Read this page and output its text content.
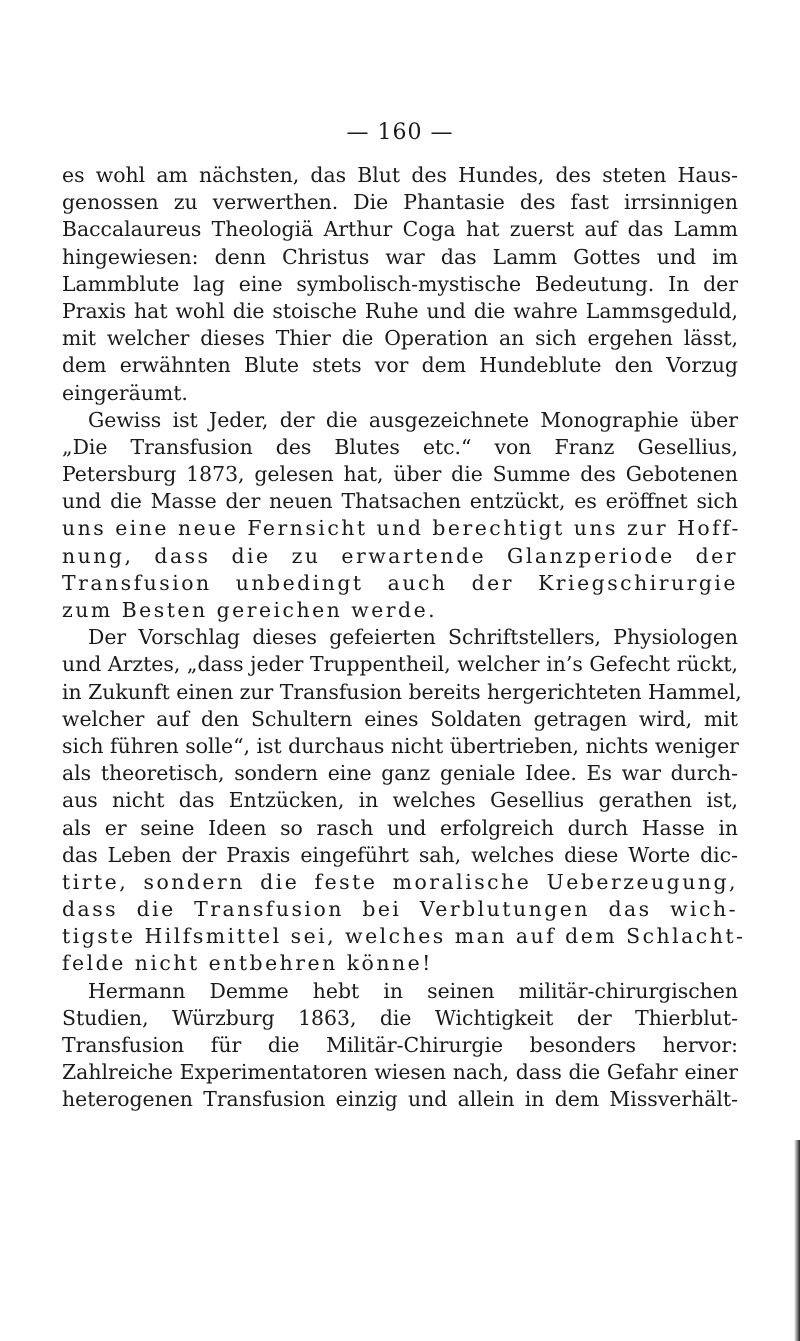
— 160 —
es wohl am nächsten, das Blut des Hundes, des steten Haus-
genossen zu verwerthen. Die Phantasie des fast irrsinnigen
Baccalaureus Theologiä Arthur Coga hat zuerst auf das Lamm
hingewiesen: denn Christus war das Lamm Gottes und im
Lammblute lag eine symbolisch-mystische Bedeutung. In der
Praxis hat wohl die stoische Ruhe und die wahre Lammsgeduld,
mit welcher dieses Thier die Operation an sich ergehen lässt,
dem erwähnten Blute stets vor dem Hundeblute den Vorzug
eingeräumt.
Gewiss ist Jeder, der die ausgezeichnete Monographie über
„Die Transfusion des Blutes etc.“ von Franz Gesellius,
Petersburg 1873, gelesen hat, über die Summe des Gebotenen
und die Masse der neuen Thatsachen entzückt, es eröffnet sich
uns eine neue Fernsicht und berechtigt uns zur Hoff-
nung, dass die zu erwartende Glanzperiode der
Transfusion unbedingt auch der Kriegschirurgie
zum Besten gereichen werde.
Der Vorschlag dieses gefeierten Schriftstellers, Physiologen
und Arztes, „dass jeder Truppentheil, welcher in’s Gefecht rückt,
in Zukunft einen zur Transfusion bereits hergerichteten Hammel,
welcher auf den Schultern eines Soldaten getragen wird, mit
sich führen solle“, ist durchaus nicht übertrieben, nichts weniger
als theoretisch, sondern eine ganz geniale Idee. Es war durch-
aus nicht das Entzücken, in welches Gesellius gerathen ist,
als er seine Ideen so rasch und erfolgreich durch Hasse in
das Leben der Praxis eingeführt sah, welches diese Worte dic-
tirte, sondern die feste moralische Ueberzeugung,
dass die Transfusion bei Verblutungen das wich-
tigste Hilfsmittel sei, welches man auf dem Schlacht-
felde nicht entbehren könne!
Hermann Demme hebt in seinen militär-chirurgischen
Studien, Würzburg 1863, die Wichtigkeit der Thierblut-
Transfusion für die Militär-Chirurgie besonders hervor:
Zahlreiche Experimentatoren wiesen nach, dass die Gefahr einer
heterogenen Transfusion einzig und allein in dem Missverhält-
